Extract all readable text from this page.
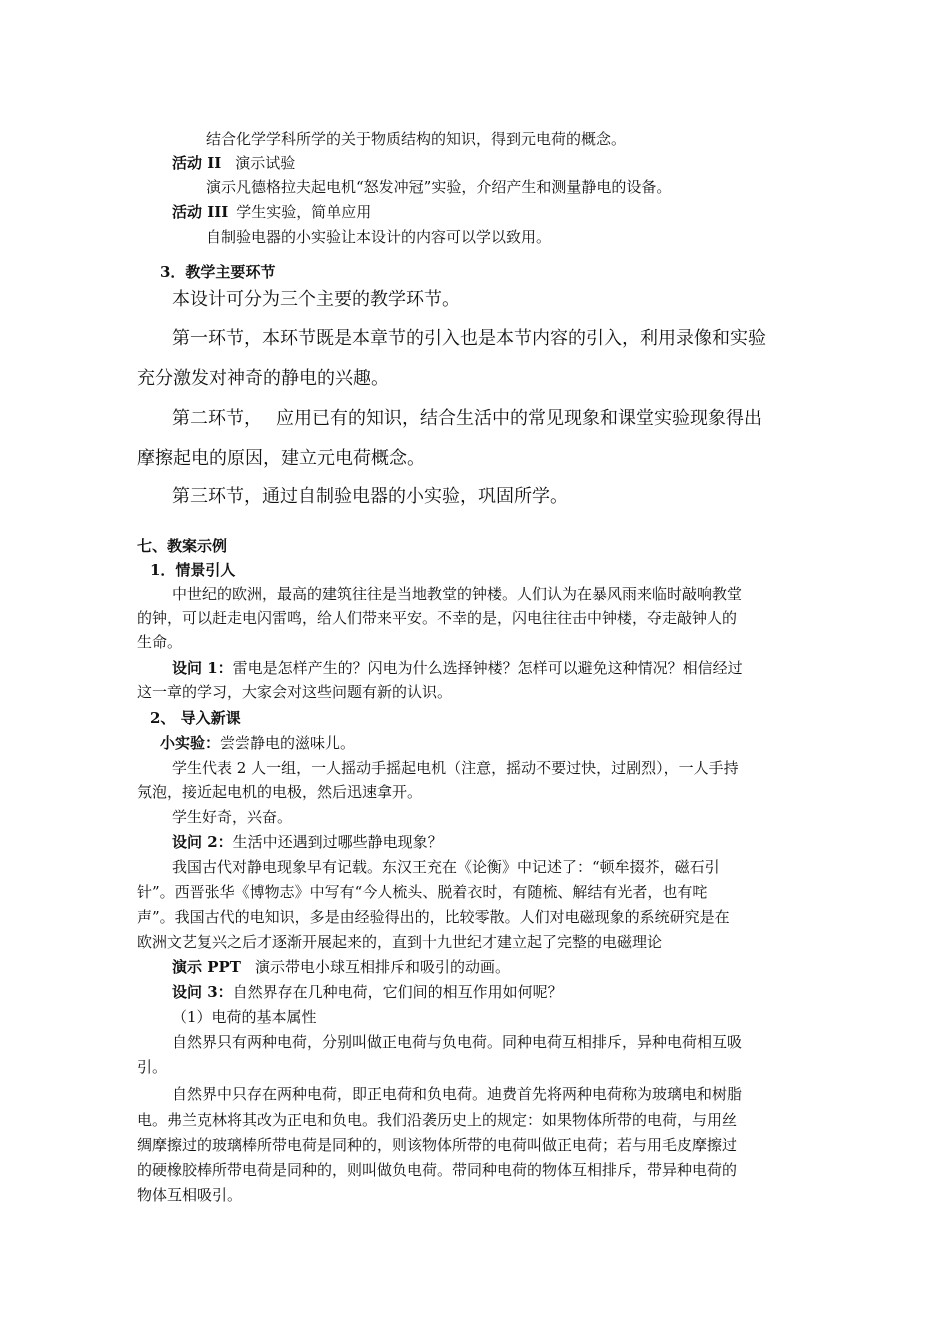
结合化学学科所学的关于物质结构的知识，得到元电荷的概念。
活动 II 演示试验
演示凡德格拉夫起电机“怒发冲冠”实验，介绍产生和测量静电的设备。
活动 III 学生实验，简单应用
自制验电器的小实验让本设计的内容可以学以致用。
3．教学主要环节
本设计可分为三个主要的教学环节。
第一环节，本环节既是本章节的引入也是本节内容的引入，利用录像和实验
充分激发对神奇的静电的兴趣。
第二环节， 应用已有的知识，结合生活中的常见现象和课堂实验现象得出
摩擦起电的原因，建立元电荷概念。
第三环节，通过自制验电器的小实验，巩固所学。
七、教案示例
1．情景引人
中世纪的欧洲，最高的建筑往往是当地教堂的钟楼。人们认为在暴风雨来临时敲响教堂
的钟，可以赶走电闪雷鸣，给人们带来平安。不幸的是，闪电往往击中钟楼，夺走敲钟人的
生命。
设问 1：雷电是怎样产生的？闪电为什么选择钟楼？怎样可以避免这种情况？相信经过
这一章的学习，大家会对这些问题有新的认识。
2、 导入新课
小实验：尝尝静电的滋味儿。
学生代表 2 人一组，一人摇动手摇起电机（注意，摇动不要过快，过剧烈），一人手持
氖泡，接近起电机的电极，然后迅速拿开。
学生好奇，兴奋。
设问 2：生活中还遇到过哪些静电现象？
我国古代对静电现象早有记载。东汉王充在《论衡》中记述了：“顿牟掇芥，磁石引
针”。西晋张华《博物志》中写有“今人梳头、脱着衣时，有随梳、解结有光者，也有咤
声”。我国古代的电知识，多是由经验得出的，比较零散。人们对电磁现象的系统研究是在
欧洲文艺复兴之后才逐渐开展起来的，直到十九世纪才建立起了完整的电磁理论
演示 PPT 演示带电小球互相排斥和吸引的动画。
设问 3：自然界存在几种电荷，它们间的相互作用如何呢？
（1）电荷的基本属性
自然界只有两种电荷，分别叫做正电荷与负电荷。同种电荷互相排斥，异种电荷相互吸
引。
自然界中只存在两种电荷，即正电荷和负电荷。迪费首先将两种电荷称为玻璃电和树脂
电。弗兰克林将其改为正电和负电。我们沿袭历史上的规定：如果物体所带的电荷，与用丝
绸摩擦过的玻璃棒所带电荷是同种的，则该物体所带的电荷叫做正电荷；若与用毛皮摩擦过
的硬橡胶棒所带电荷是同种的，则叫做负电荷。带同种电荷的物体互相排斥，带异种电荷的
物体互相吸引。
